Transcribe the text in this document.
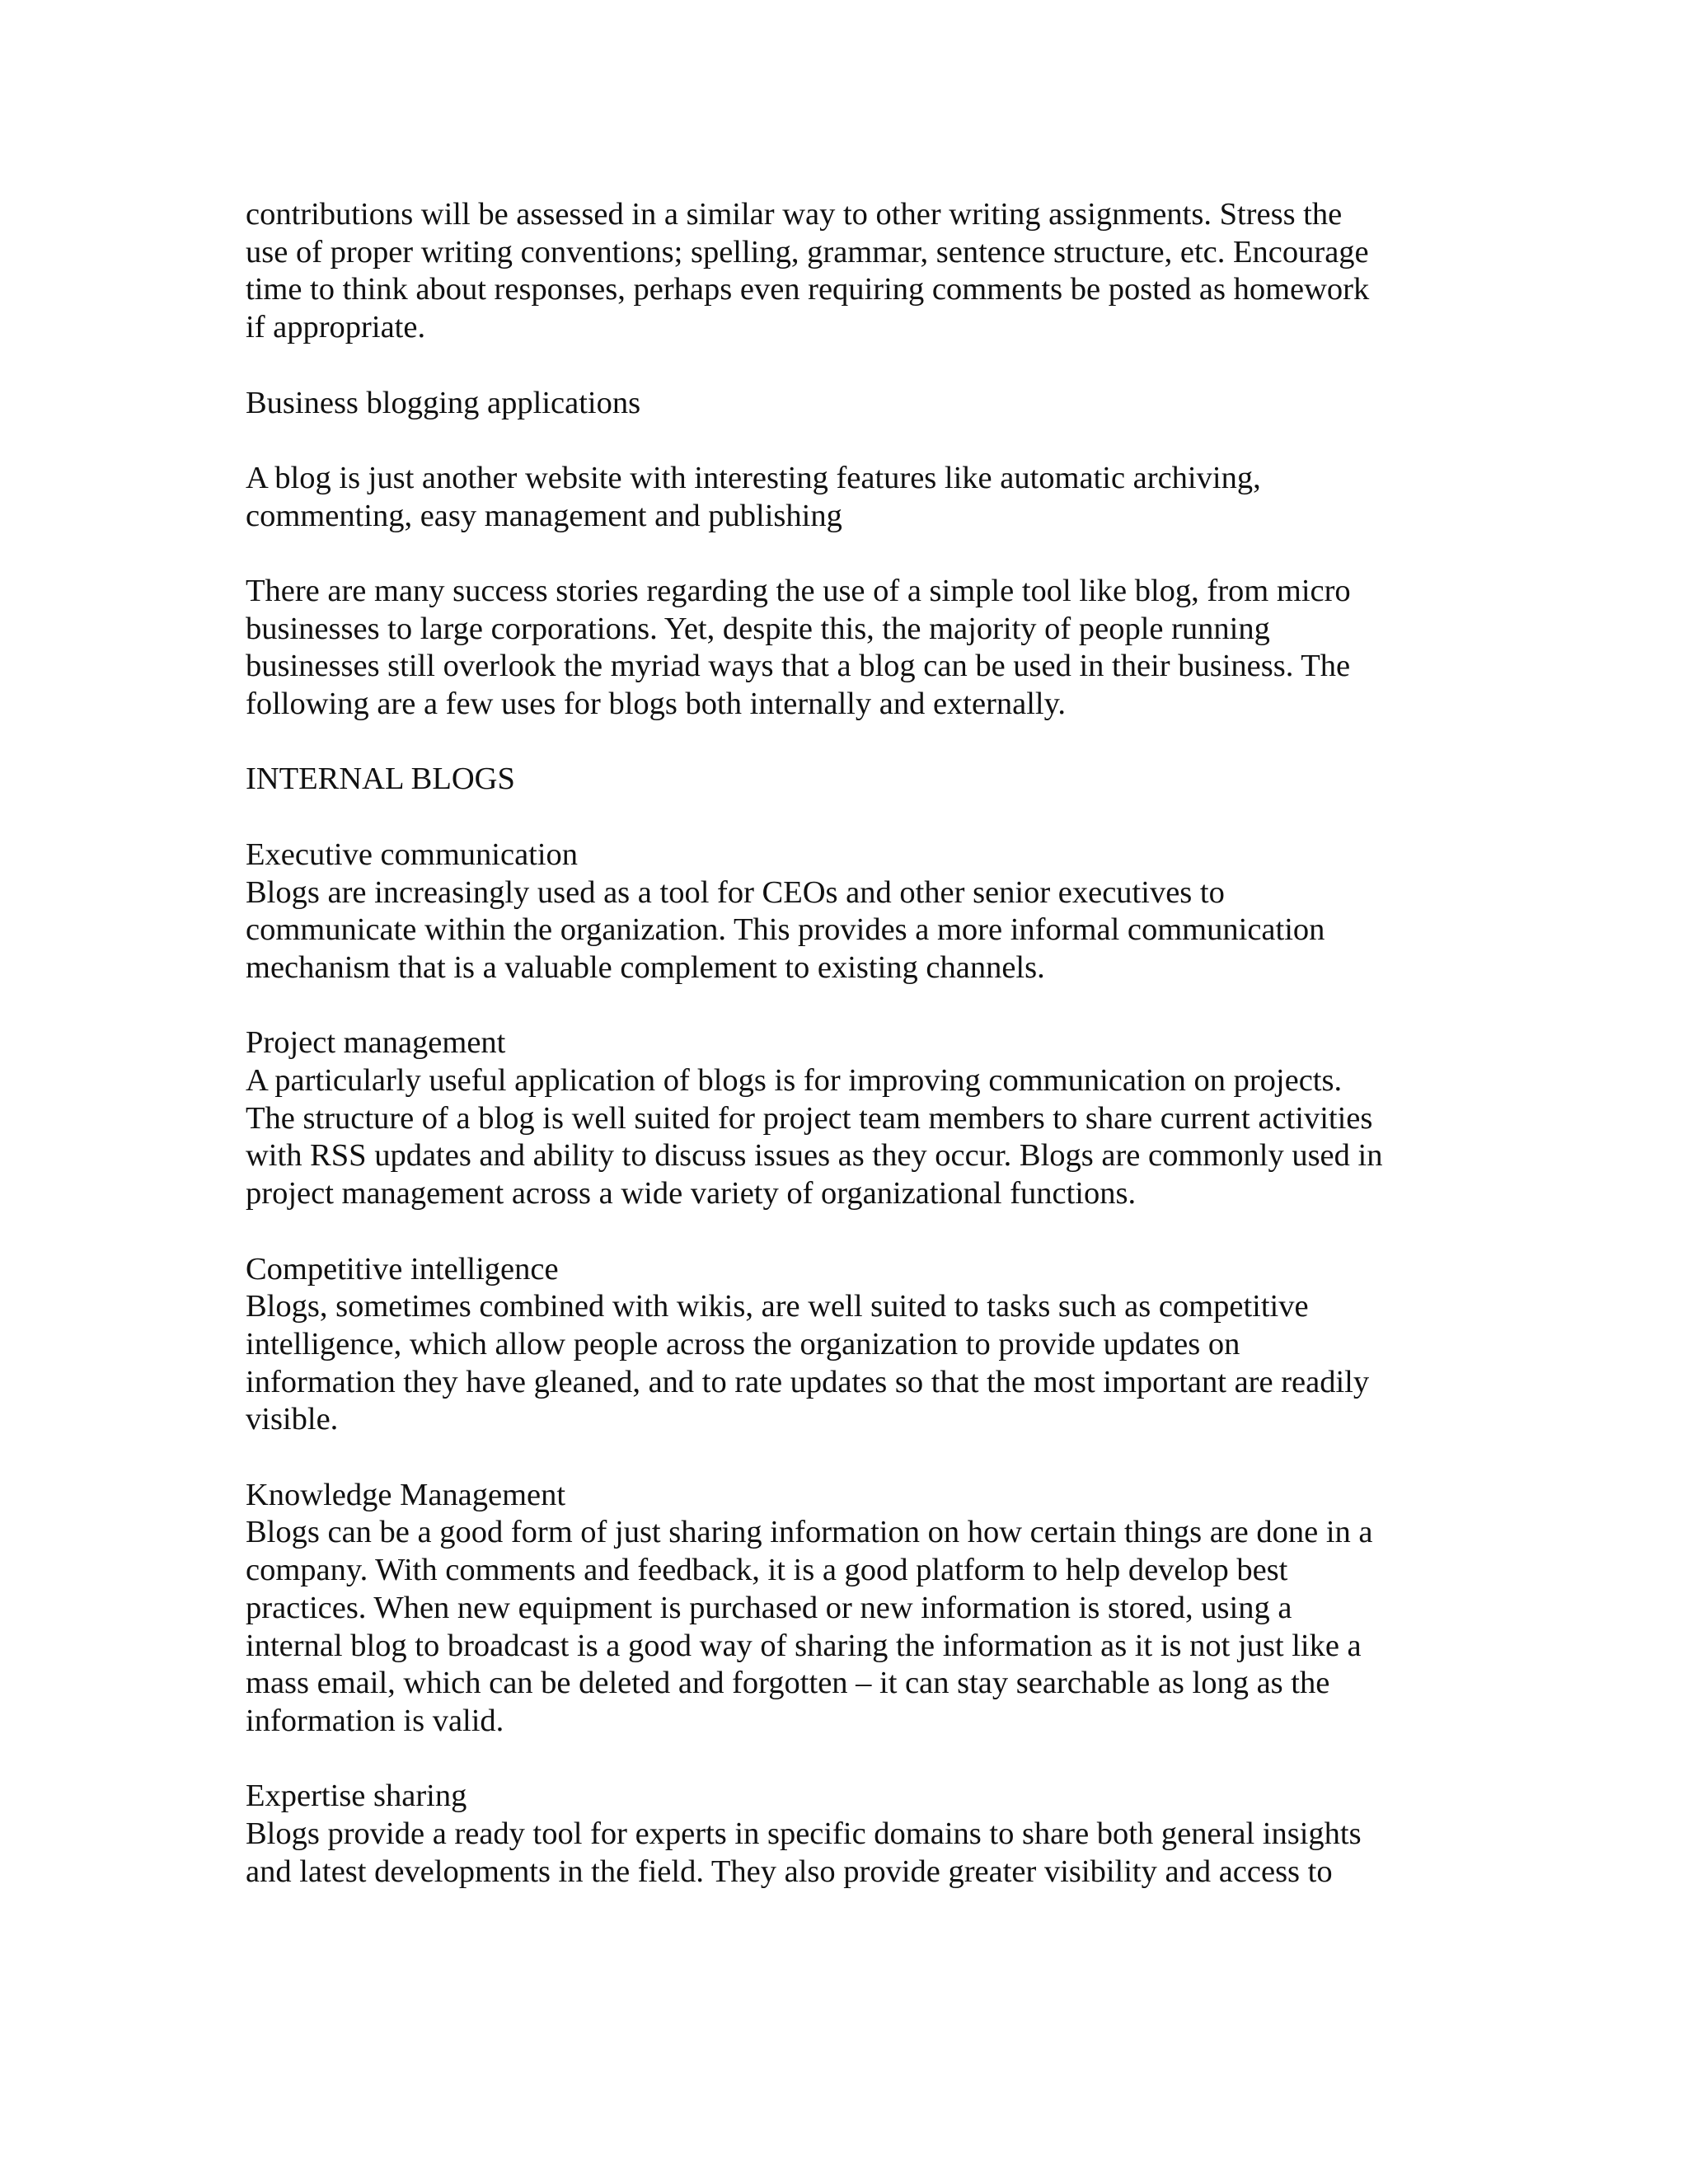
contributions will be assessed in a similar way to other writing assignments. Stress the
use of proper writing conventions; spelling, grammar, sentence structure, etc. Encourage
time to think about responses, perhaps even requiring comments be posted as homework
if appropriate.

Business blogging applications

A blog is just another website with interesting features like automatic archiving,
commenting, easy management and publishing

There are many success stories regarding the use of a simple tool like blog, from micro
businesses to large corporations. Yet, despite this, the majority of people running
businesses still overlook the myriad ways that a blog can be used in their business. The
following are a few uses for blogs both internally and externally.

INTERNAL BLOGS

Executive communication
Blogs are increasingly used as a tool for CEOs and other senior executives to
communicate within the organization. This provides a more informal communication
mechanism that is a valuable complement to existing channels.

Project management
A particularly useful application of blogs is for improving communication on projects.
The structure of a blog is well suited for project team members to share current activities
with RSS updates and ability to discuss issues as they occur. Blogs are commonly used in
project management across a wide variety of organizational functions.

Competitive intelligence
Blogs, sometimes combined with wikis, are well suited to tasks such as competitive
intelligence, which allow people across the organization to provide updates on
information they have gleaned, and to rate updates so that the most important are readily
visible.

Knowledge Management
Blogs can be a good form of just sharing information on how certain things are done in a
company. With comments and feedback, it is a good platform to help develop best
practices. When new equipment is purchased or new information is stored, using a
internal blog to broadcast is a good way of sharing the information as it is not just like a
mass email, which can be deleted and forgotten – it can stay searchable as long as the
information is valid.

Expertise sharing
Blogs provide a ready tool for experts in specific domains to share both general insights
and latest developments in the field. They also provide greater visibility and access to
